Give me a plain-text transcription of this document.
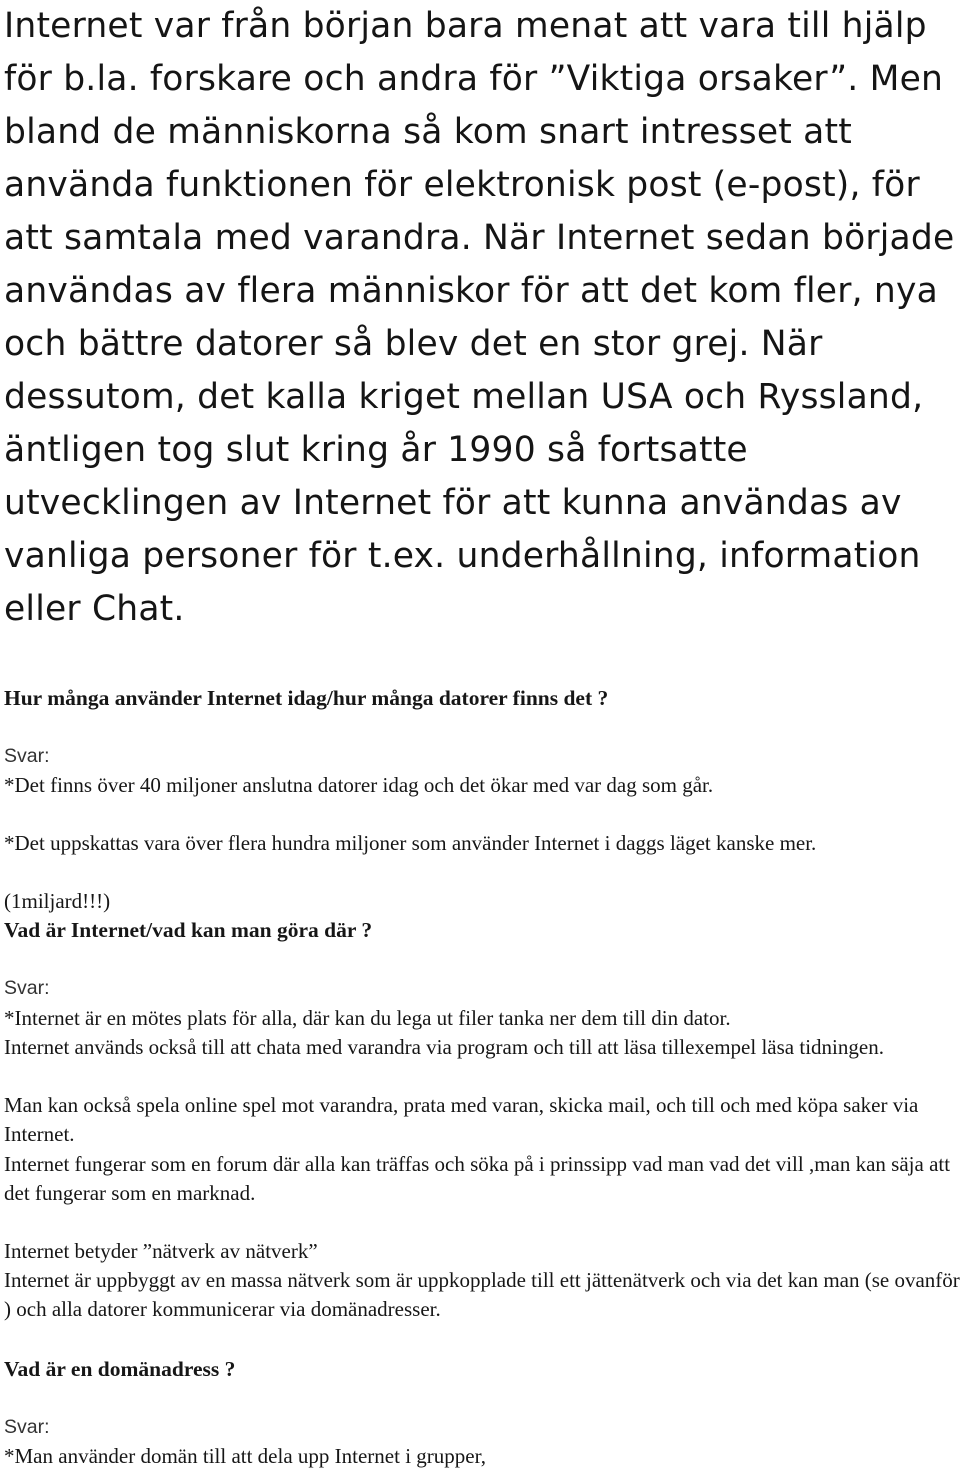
Internet var från början bara menat att vara till hjälp för b.la. forskare och andra för ”Viktiga orsaker”. Men bland de människorna så kom snart intresset att använda funktionen för elektronisk post (e-post), för att samtala med varandra. När Internet sedan började användas av flera människor för att det kom fler, nya och bättre datorer så blev det en stor grej. När dessutom, det kalla kriget mellan USA och Ryssland, äntligen tog slut kring år 1990 så fortsatte utvecklingen av Internet för att kunna användas av vanliga personer för t.ex. underhållning, information eller Chat.

Hur många använder Internet idag/hur många datorer finns det ?

Svar:

*Det finns över 40 miljoner anslutna datorer idag och det ökar med var dag som går.

*Det uppskattas vara över flera hundra miljoner som använder Internet i daggs läget kanske mer.

(1miljard!!!)

Vad är Internet/vad kan man göra där ?

Svar:

*Internet är en mötes plats för alla, där kan du lega ut filer tanka ner dem till din dator.

Internet används också till att chata med varandra via program och till att läsa tillexempel läsa tidningen.

Man kan också spela online spel mot varandra, prata med varan, skicka mail, och till och med köpa saker via Internet.

Internet fungerar som en forum där alla kan träffas och söka på i prinssipp vad man vad det vill ,man kan säja att det fungerar som en marknad.

Internet betyder ”nätverk av nätverk”

Internet är uppbyggt av en massa nätverk som är uppkopplade till ett jättenätverk och via det kan man (se ovanför ) och alla datorer kommunicerar via domänadresser.

Vad är en domänadress ?

Svar:

*Man använder domän till att dela upp Internet i grupper,
